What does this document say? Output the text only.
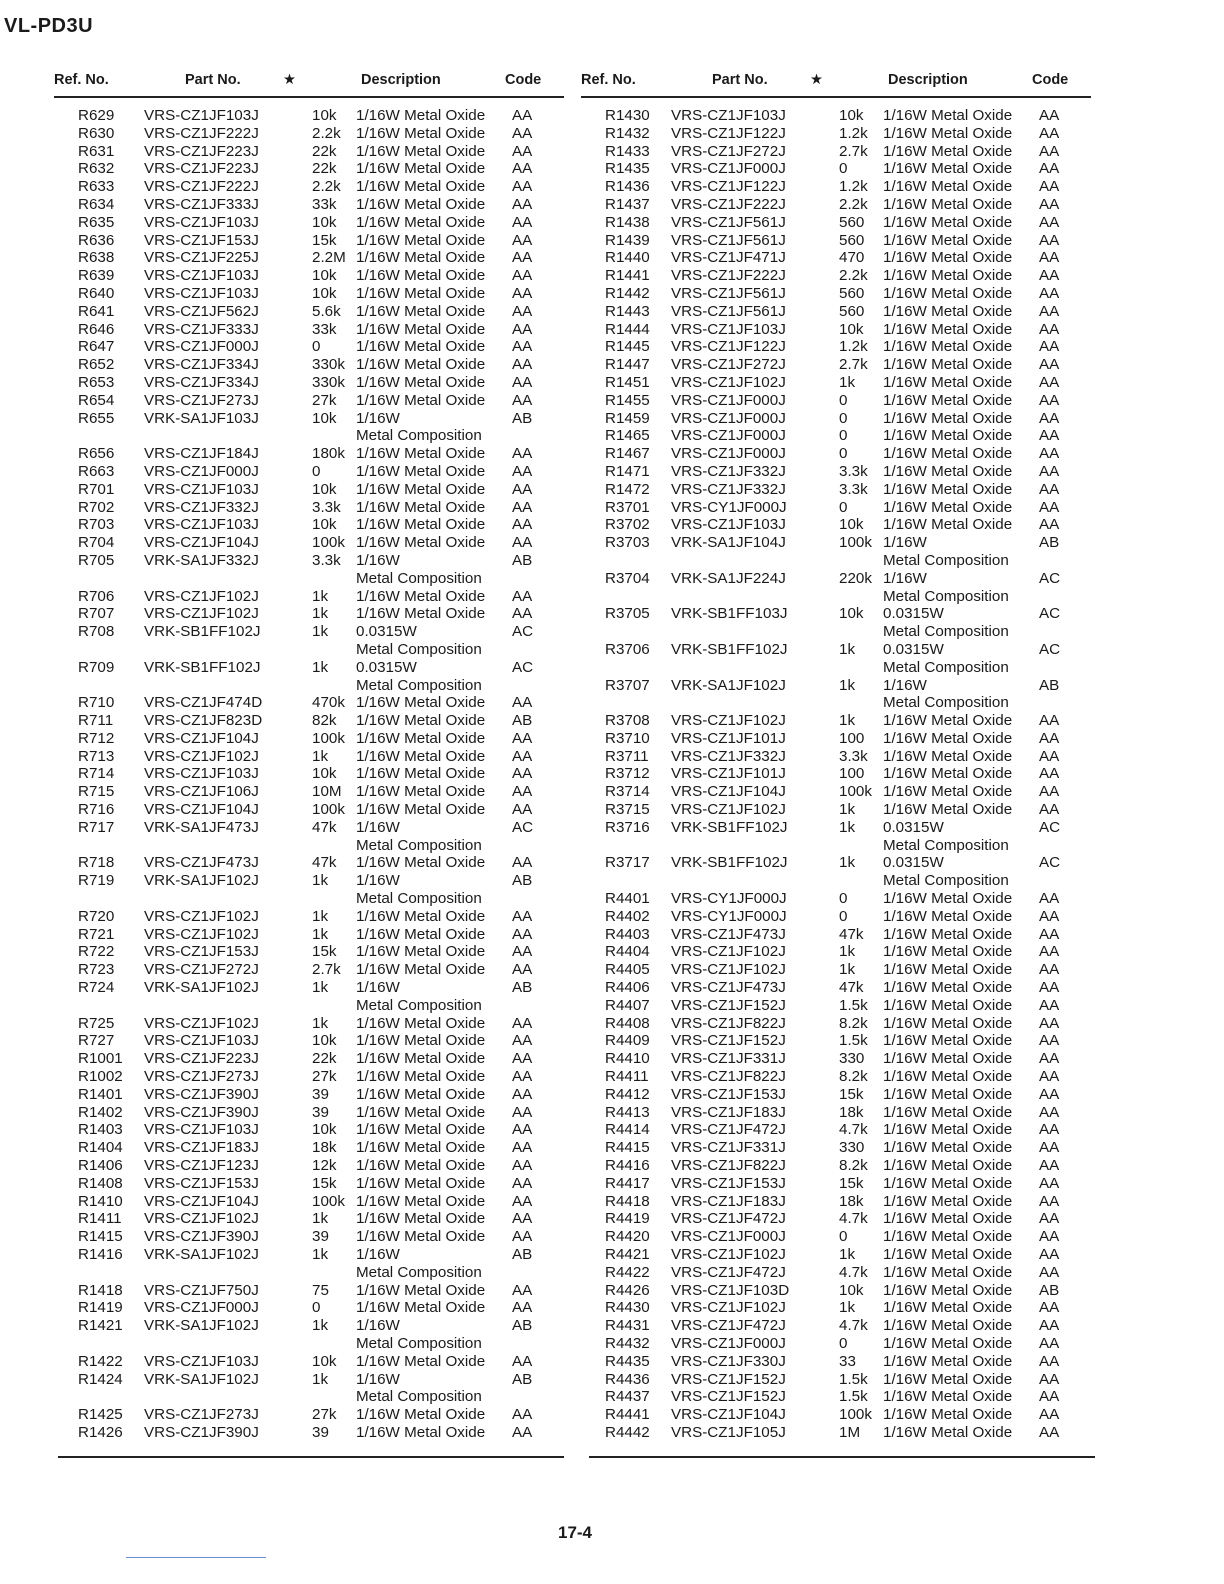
VL-PD3U
Ref. No.	Part No.	★	Description	Code
R629 VRS-CZ1JF103J	10k 1/16W Metal Oxide AA
R630 VRS-CZ1JF222J	2.2k 1/16W Metal Oxide AA
R631 VRS-CZ1JF223J	22k 1/16W Metal Oxide AA
R632 VRS-CZ1JF223J	22k 1/16W Metal Oxide AA
R633 VRS-CZ1JF222J	2.2k 1/16W Metal Oxide AA
R634 VRS-CZ1JF333J	33k 1/16W Metal Oxide AA
R635 VRS-CZ1JF103J	10k 1/16W Metal Oxide AA
R636 VRS-CZ1JF153J	15k 1/16W Metal Oxide AA
R638 VRS-CZ1JF225J	2.2M 1/16W Metal Oxide AA
R639 VRS-CZ1JF103J	10k 1/16W Metal Oxide AA
R640 VRS-CZ1JF103J	10k 1/16W Metal Oxide AA
R641 VRS-CZ1JF562J	5.6k 1/16W Metal Oxide AA
R646 VRS-CZ1JF333J	33k 1/16W Metal Oxide AA
R647 VRS-CZ1JF000J	0 1/16W Metal Oxide AA
R652 VRS-CZ1JF334J	330k 1/16W Metal Oxide AA
R653 VRS-CZ1JF334J	330k 1/16W Metal Oxide AA
R654 VRS-CZ1JF273J	27k 1/16W Metal Oxide AA
R655 VRK-SA1JF103J	10k 1/16W	AB
Metal Composition
R656 VRS-CZ1JF184J	180k 1/16W Metal Oxide AA
R663 VRS-CZ1JF000J	0 1/16W Metal Oxide AA
R701 VRS-CZ1JF103J	10k 1/16W Metal Oxide AA
R702 VRS-CZ1JF332J	3.3k 1/16W Metal Oxide AA
R703 VRS-CZ1JF103J	10k 1/16W Metal Oxide AA
R704 VRS-CZ1JF104J	100k 1/16W Metal Oxide AA
R705 VRK-SA1JF332J	3.3k 1/16W	AB
Metal Composition
R706 VRS-CZ1JF102J	1k 1/16W Metal Oxide AA
R707 VRS-CZ1JF102J	1k 1/16W Metal Oxide AA
R708 VRK-SB1FF102J	1k 0.0315W	AC
Metal Composition
R709 VRK-SB1FF102J	1k 0.0315W	AC
Metal Composition
R710 VRS-CZ1JF474D	470k 1/16W Metal Oxide AA
R711 VRS-CZ1JF823D	82k 1/16W Metal Oxide AB
R712 VRS-CZ1JF104J	100k 1/16W Metal Oxide AA
R713 VRS-CZ1JF102J	1k 1/16W Metal Oxide AA
R714 VRS-CZ1JF103J	10k 1/16W Metal Oxide AA
R715 VRS-CZ1JF106J	10M 1/16W Metal Oxide AA
R716 VRS-CZ1JF104J	100k 1/16W Metal Oxide AA
R717 VRK-SA1JF473J	47k 1/16W	AC
Metal Composition
R718 VRS-CZ1JF473J	47k 1/16W Metal Oxide AA
R719 VRK-SA1JF102J	1k 1/16W	AB
Metal Composition
R720 VRS-CZ1JF102J	1k 1/16W Metal Oxide AA
R721 VRS-CZ1JF102J	1k 1/16W Metal Oxide AA
R722 VRS-CZ1JF153J	15k 1/16W Metal Oxide AA
R723 VRS-CZ1JF272J	2.7k 1/16W Metal Oxide AA
R724 VRK-SA1JF102J	1k 1/16W	AB
Metal Composition
R725 VRS-CZ1JF102J	1k 1/16W Metal Oxide AA
R727 VRS-CZ1JF103J	10k 1/16W Metal Oxide AA
R1001 VRS-CZ1JF223J	22k 1/16W Metal Oxide AA
R1002 VRS-CZ1JF273J	27k 1/16W Metal Oxide AA
R1401 VRS-CZ1JF390J	39 1/16W Metal Oxide AA
R1402 VRS-CZ1JF390J	39 1/16W Metal Oxide AA
R1403 VRS-CZ1JF103J	10k 1/16W Metal Oxide AA
R1404 VRS-CZ1JF183J	18k 1/16W Metal Oxide AA
R1406 VRS-CZ1JF123J	12k 1/16W Metal Oxide AA
R1408 VRS-CZ1JF153J	15k 1/16W Metal Oxide AA
R1410 VRS-CZ1JF104J	100k 1/16W Metal Oxide AA
R1411 VRS-CZ1JF102J	1k 1/16W Metal Oxide AA
R1415 VRS-CZ1JF390J	39 1/16W Metal Oxide AA
R1416 VRK-SA1JF102J	1k 1/16W	AB
Metal Composition
R1418 VRS-CZ1JF750J	75 1/16W Metal Oxide AA
R1419 VRS-CZ1JF000J	0 1/16W Metal Oxide AA
R1421 VRK-SA1JF102J	1k 1/16W	AB
Metal Composition
R1422 VRS-CZ1JF103J	10k 1/16W Metal Oxide AA
R1424 VRK-SA1JF102J	1k 1/16W	AB
Metal Composition
R1425 VRS-CZ1JF273J	27k 1/16W Metal Oxide AA
R1426 VRS-CZ1JF390J	39 1/16W Metal Oxide AA
Ref. No.	Part No.	★	Description	Code
R1430 VRS-CZ1JF103J	10k 1/16W Metal Oxide AA
R1432 VRS-CZ1JF122J	1.2k 1/16W Metal Oxide AA
R1433 VRS-CZ1JF272J	2.7k 1/16W Metal Oxide AA
R1435 VRS-CZ1JF000J	0 1/16W Metal Oxide AA
R1436 VRS-CZ1JF122J	1.2k 1/16W Metal Oxide AA
R1437 VRS-CZ1JF222J	2.2k 1/16W Metal Oxide AA
R1438 VRS-CZ1JF561J	560 1/16W Metal Oxide AA
R1439 VRS-CZ1JF561J	560 1/16W Metal Oxide AA
R1440 VRS-CZ1JF471J	470 1/16W Metal Oxide AA
R1441 VRS-CZ1JF222J	2.2k 1/16W Metal Oxide AA
R1442 VRS-CZ1JF561J	560 1/16W Metal Oxide AA
R1443 VRS-CZ1JF561J	560 1/16W Metal Oxide AA
R1444 VRS-CZ1JF103J	10k 1/16W Metal Oxide AA
R1445 VRS-CZ1JF122J	1.2k 1/16W Metal Oxide AA
R1447 VRS-CZ1JF272J	2.7k 1/16W Metal Oxide AA
R1451 VRS-CZ1JF102J	1k 1/16W Metal Oxide AA
R1455 VRS-CZ1JF000J	0 1/16W Metal Oxide AA
R1459 VRS-CZ1JF000J	0 1/16W Metal Oxide AA
R1465 VRS-CZ1JF000J	0 1/16W Metal Oxide AA
R1467 VRS-CZ1JF000J	0 1/16W Metal Oxide AA
R1471 VRS-CZ1JF332J	3.3k 1/16W Metal Oxide AA
R1472 VRS-CZ1JF332J	3.3k 1/16W Metal Oxide AA
R3701 VRS-CY1JF000J	0 1/16W Metal Oxide AA
R3702 VRS-CZ1JF103J	10k 1/16W Metal Oxide AA
R3703 VRK-SA1JF104J	100k 1/16W	AB
Metal Composition
R3704 VRK-SA1JF224J	220k 1/16W	AC
Metal Composition
R3705 VRK-SB1FF103J	10k 0.0315W	AC
Metal Composition
R3706 VRK-SB1FF102J	1k 0.0315W	AC
Metal Composition
R3707 VRK-SA1JF102J	1k 1/16W	AB
Metal Composition
R3708 VRS-CZ1JF102J	1k 1/16W Metal Oxide AA
R3710 VRS-CZ1JF101J	100 1/16W Metal Oxide AA
R3711 VRS-CZ1JF332J	3.3k 1/16W Metal Oxide AA
R3712 VRS-CZ1JF101J	100 1/16W Metal Oxide AA
R3714 VRS-CZ1JF104J	100k 1/16W Metal Oxide AA
R3715 VRS-CZ1JF102J	1k 1/16W Metal Oxide AA
R3716 VRK-SB1FF102J	1k 0.0315W	AC
Metal Composition
R3717 VRK-SB1FF102J	1k 0.0315W	AC
Metal Composition
R4401 VRS-CY1JF000J	0 1/16W Metal Oxide AA
R4402 VRS-CY1JF000J	0 1/16W Metal Oxide AA
R4403 VRS-CZ1JF473J	47k 1/16W Metal Oxide AA
R4404 VRS-CZ1JF102J	1k 1/16W Metal Oxide AA
R4405 VRS-CZ1JF102J	1k 1/16W Metal Oxide AA
R4406 VRS-CZ1JF473J	47k 1/16W Metal Oxide AA
R4407 VRS-CZ1JF152J	1.5k 1/16W Metal Oxide AA
R4408 VRS-CZ1JF822J	8.2k 1/16W Metal Oxide AA
R4409 VRS-CZ1JF152J	1.5k 1/16W Metal Oxide AA
R4410 VRS-CZ1JF331J	330 1/16W Metal Oxide AA
R4411 VRS-CZ1JF822J	8.2k 1/16W Metal Oxide AA
R4412 VRS-CZ1JF153J	15k 1/16W Metal Oxide AA
R4413 VRS-CZ1JF183J	18k 1/16W Metal Oxide AA
R4414 VRS-CZ1JF472J	4.7k 1/16W Metal Oxide AA
R4415 VRS-CZ1JF331J	330 1/16W Metal Oxide AA
R4416 VRS-CZ1JF822J	8.2k 1/16W Metal Oxide AA
R4417 VRS-CZ1JF153J	15k 1/16W Metal Oxide AA
R4418 VRS-CZ1JF183J	18k 1/16W Metal Oxide AA
R4419 VRS-CZ1JF472J	4.7k 1/16W Metal Oxide AA
R4420 VRS-CZ1JF000J	0 1/16W Metal Oxide AA
R4421 VRS-CZ1JF102J	1k 1/16W Metal Oxide AA
R4422 VRS-CZ1JF472J	4.7k 1/16W Metal Oxide AA
R4426 VRS-CZ1JF103D	10k 1/16W Metal Oxide AB
R4430 VRS-CZ1JF102J	1k 1/16W Metal Oxide AA
R4431 VRS-CZ1JF472J	4.7k 1/16W Metal Oxide AA
R4432 VRS-CZ1JF000J	0 1/16W Metal Oxide AA
R4435 VRS-CZ1JF330J	33 1/16W Metal Oxide AA
R4436 VRS-CZ1JF152J	1.5k 1/16W Metal Oxide AA
R4437 VRS-CZ1JF152J	1.5k 1/16W Metal Oxide AA
R4441 VRS-CZ1JF104J	100k 1/16W Metal Oxide AA
R4442 VRS-CZ1JF105J	1M 1/16W Metal Oxide AA
17-4
